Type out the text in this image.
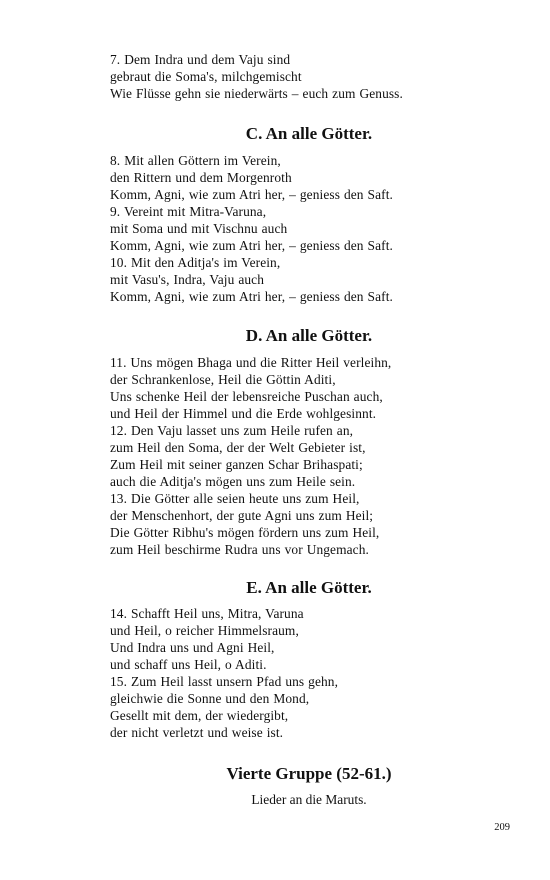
7. Dem Indra und dem Vaju sind
gebraut die Soma's, milchgemischt
Wie Flüsse gehn sie niederwärts – euch zum Genuss.
C. An alle Götter.
8. Mit allen Göttern im Verein,
den Rittern und dem Morgenroth
Komm, Agni, wie zum Atri her, – geniess den Saft.
9. Vereint mit Mitra-Varuna,
mit Soma und mit Vischnu auch
Komm, Agni, wie zum Atri her, – geniess den Saft.
10. Mit den Aditja's im Verein,
mit Vasu's, Indra, Vaju auch
Komm, Agni, wie zum Atri her, – geniess den Saft.
D. An alle Götter.
11. Uns mögen Bhaga und die Ritter Heil verleihn,
der Schrankenlose, Heil die Göttin Aditi,
Uns schenke Heil der lebensreiche Puschan auch,
und Heil der Himmel und die Erde wohlgesinnt.
12. Den Vaju lasset uns zum Heile rufen an,
zum Heil den Soma, der der Welt Gebieter ist,
Zum Heil mit seiner ganzen Schar Brihaspati;
auch die Aditja's mögen uns zum Heile sein.
13. Die Götter alle seien heute uns zum Heil,
der Menschenhort, der gute Agni uns zum Heil;
Die Götter Ribhu's mögen fördern uns zum Heil,
zum Heil beschirme Rudra uns vor Ungemach.
E. An alle Götter.
14. Schafft Heil uns, Mitra, Varuna
und Heil, o reicher Himmelsraum,
Und Indra uns und Agni Heil,
und schaff uns Heil, o Aditi.
15. Zum Heil lasst unsern Pfad uns gehn,
gleichwie die Sonne und den Mond,
Gesellt mit dem, der wiedergibt,
der nicht verletzt und weise ist.
Vierte Gruppe (52-61.)
Lieder an die Maruts.
209
